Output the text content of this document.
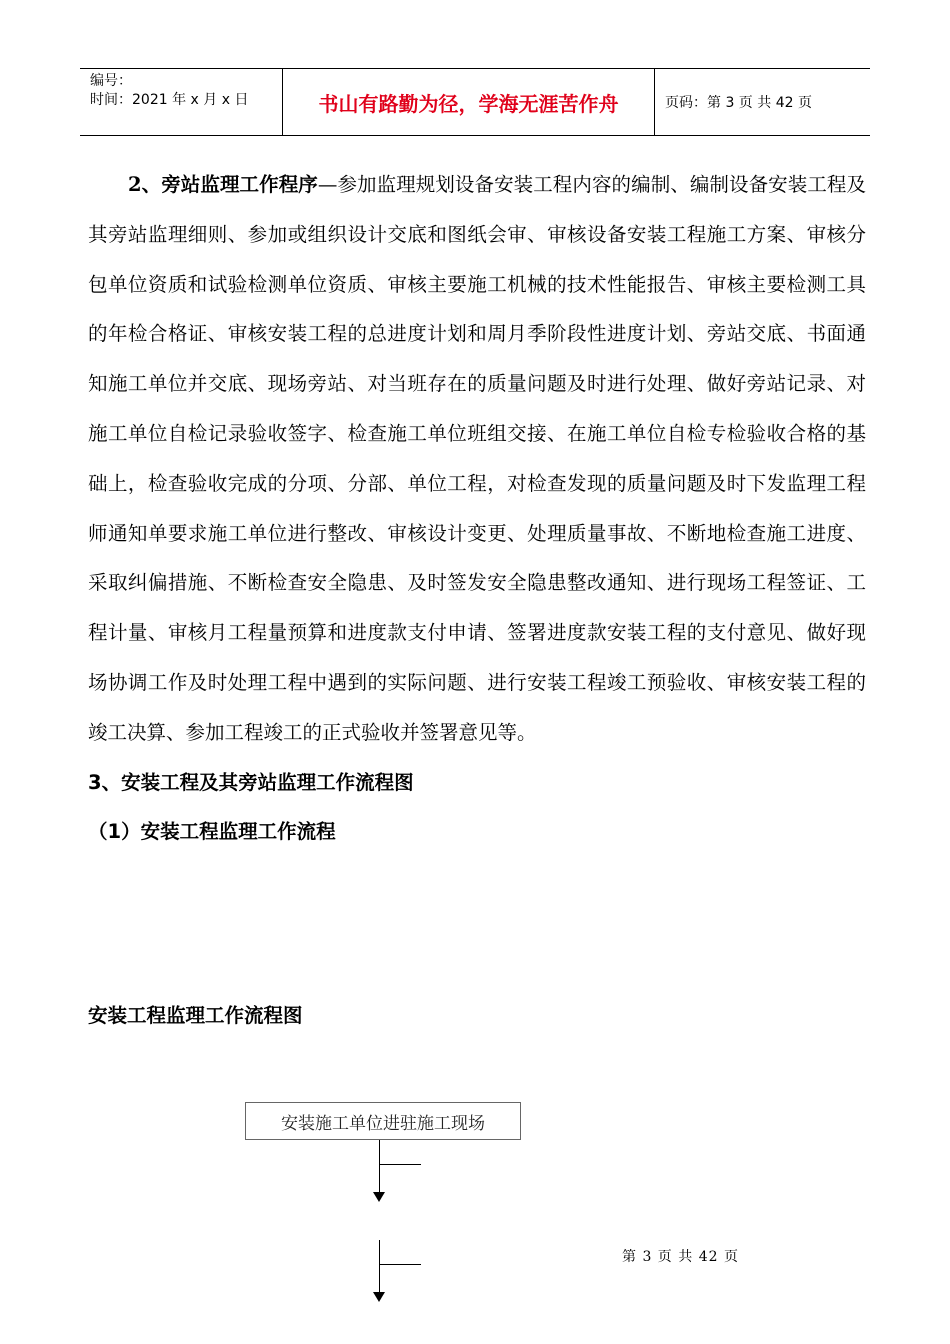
编号：
时间：2021 年 x 月 x 日	书山有路勤为径，学海无涯苦作舟	页码：第 3 页 共 42 页

2、旁站监理工作程序—参加监理规划设备安装工程内容的编制、编制设备安装工程及其旁站监理细则、参加或组织设计交底和图纸会审、审核设备安装工程施工方案、审核分包单位资质和试验检测单位资质、审核主要施工机械的技术性能报告、审核主要检测工具的年检合格证、审核安装工程的总进度计划和周月季阶段性进度计划、旁站交底、书面通知施工单位并交底、现场旁站、对当班存在的质量问题及时进行处理、做好旁站记录、对施工单位自检记录验收签字、检查施工单位班组交接、在施工单位自检专检验收合格的基础上，检查验收完成的分项、分部、单位工程，对检查发现的质量问题及时下发监理工程师通知单要求施工单位进行整改、审核设计变更、处理质量事故、不断地检查施工进度、采取纠偏措施、不断检查安全隐患、及时签发安全隐患整改通知、进行现场工程签证、工程计量、审核月工程量预算和进度款支付申请、签署进度款安装工程的支付意见、做好现场协调工作及时处理工程中遇到的实际问题、进行安装工程竣工预验收、审核安装工程的竣工决算、参加工程竣工的正式验收并签署意见等。

3、安装工程及其旁站监理工作流程图

（1）安装工程监理工作流程

安装工程监理工作流程图
安装施工单位进驻施工现场
第 3 页 共 42 页
